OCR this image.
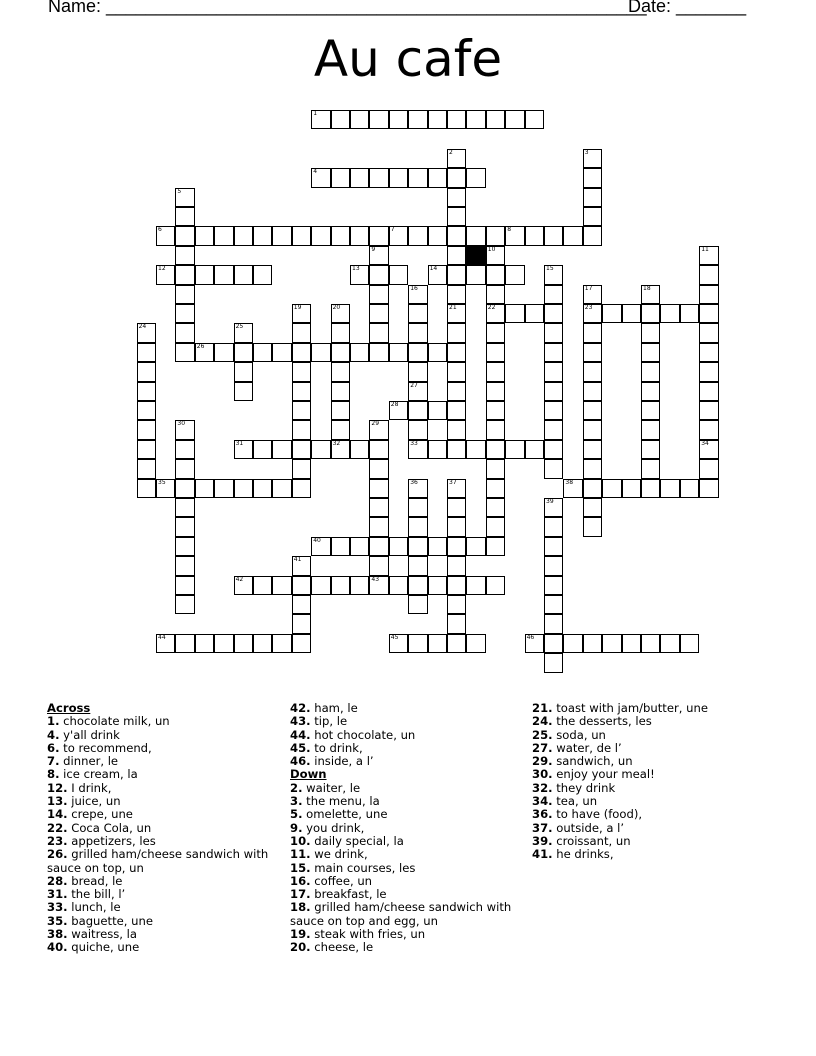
Name: ______________________________________________________
Date: _______
Au cafe
1
4
6	7	8
12	13	14
22	23
26
28
31	32	33
35	38
40
42	43
44	45	46
2	3
5
9	10	11
15
16
27
17	18
19	20	21
24	25
29
30
34
36	37
39
41
Across
1. chocolate milk, un
4. y'all drink
6. to recommend,
7. dinner, le
8. ice cream, la
12. I drink,
13. juice, un
14. crepe, une
22. Coca Cola, un
23. appetizers, les
26. grilled ham/cheese sandwich with sauce on top, un
28. bread, le
31. the bill, l’
33. lunch, le
35. baguette, une
38. waitress, la
40. quiche, une
42. ham, le
43. tip, le
44. hot chocolate, un
45. to drink,
46. inside, a l’
Down
2. waiter, le
3. the menu, la
5. omelette, une
9. you drink,
10. daily special, la
11. we drink,
15. main courses, les
16. coffee, un
17. breakfast, le
18. grilled ham/cheese sandwich with sauce on top and egg, un
19. steak with fries, un
20. cheese, le
21. toast with jam/butter, une
24. the desserts, les
25. soda, un
27. water, de l’
29. sandwich, un
30. enjoy your meal!
32. they drink
34. tea, un
36. to have (food),
37. outside, a l’
39. croissant, un
41. he drinks,
